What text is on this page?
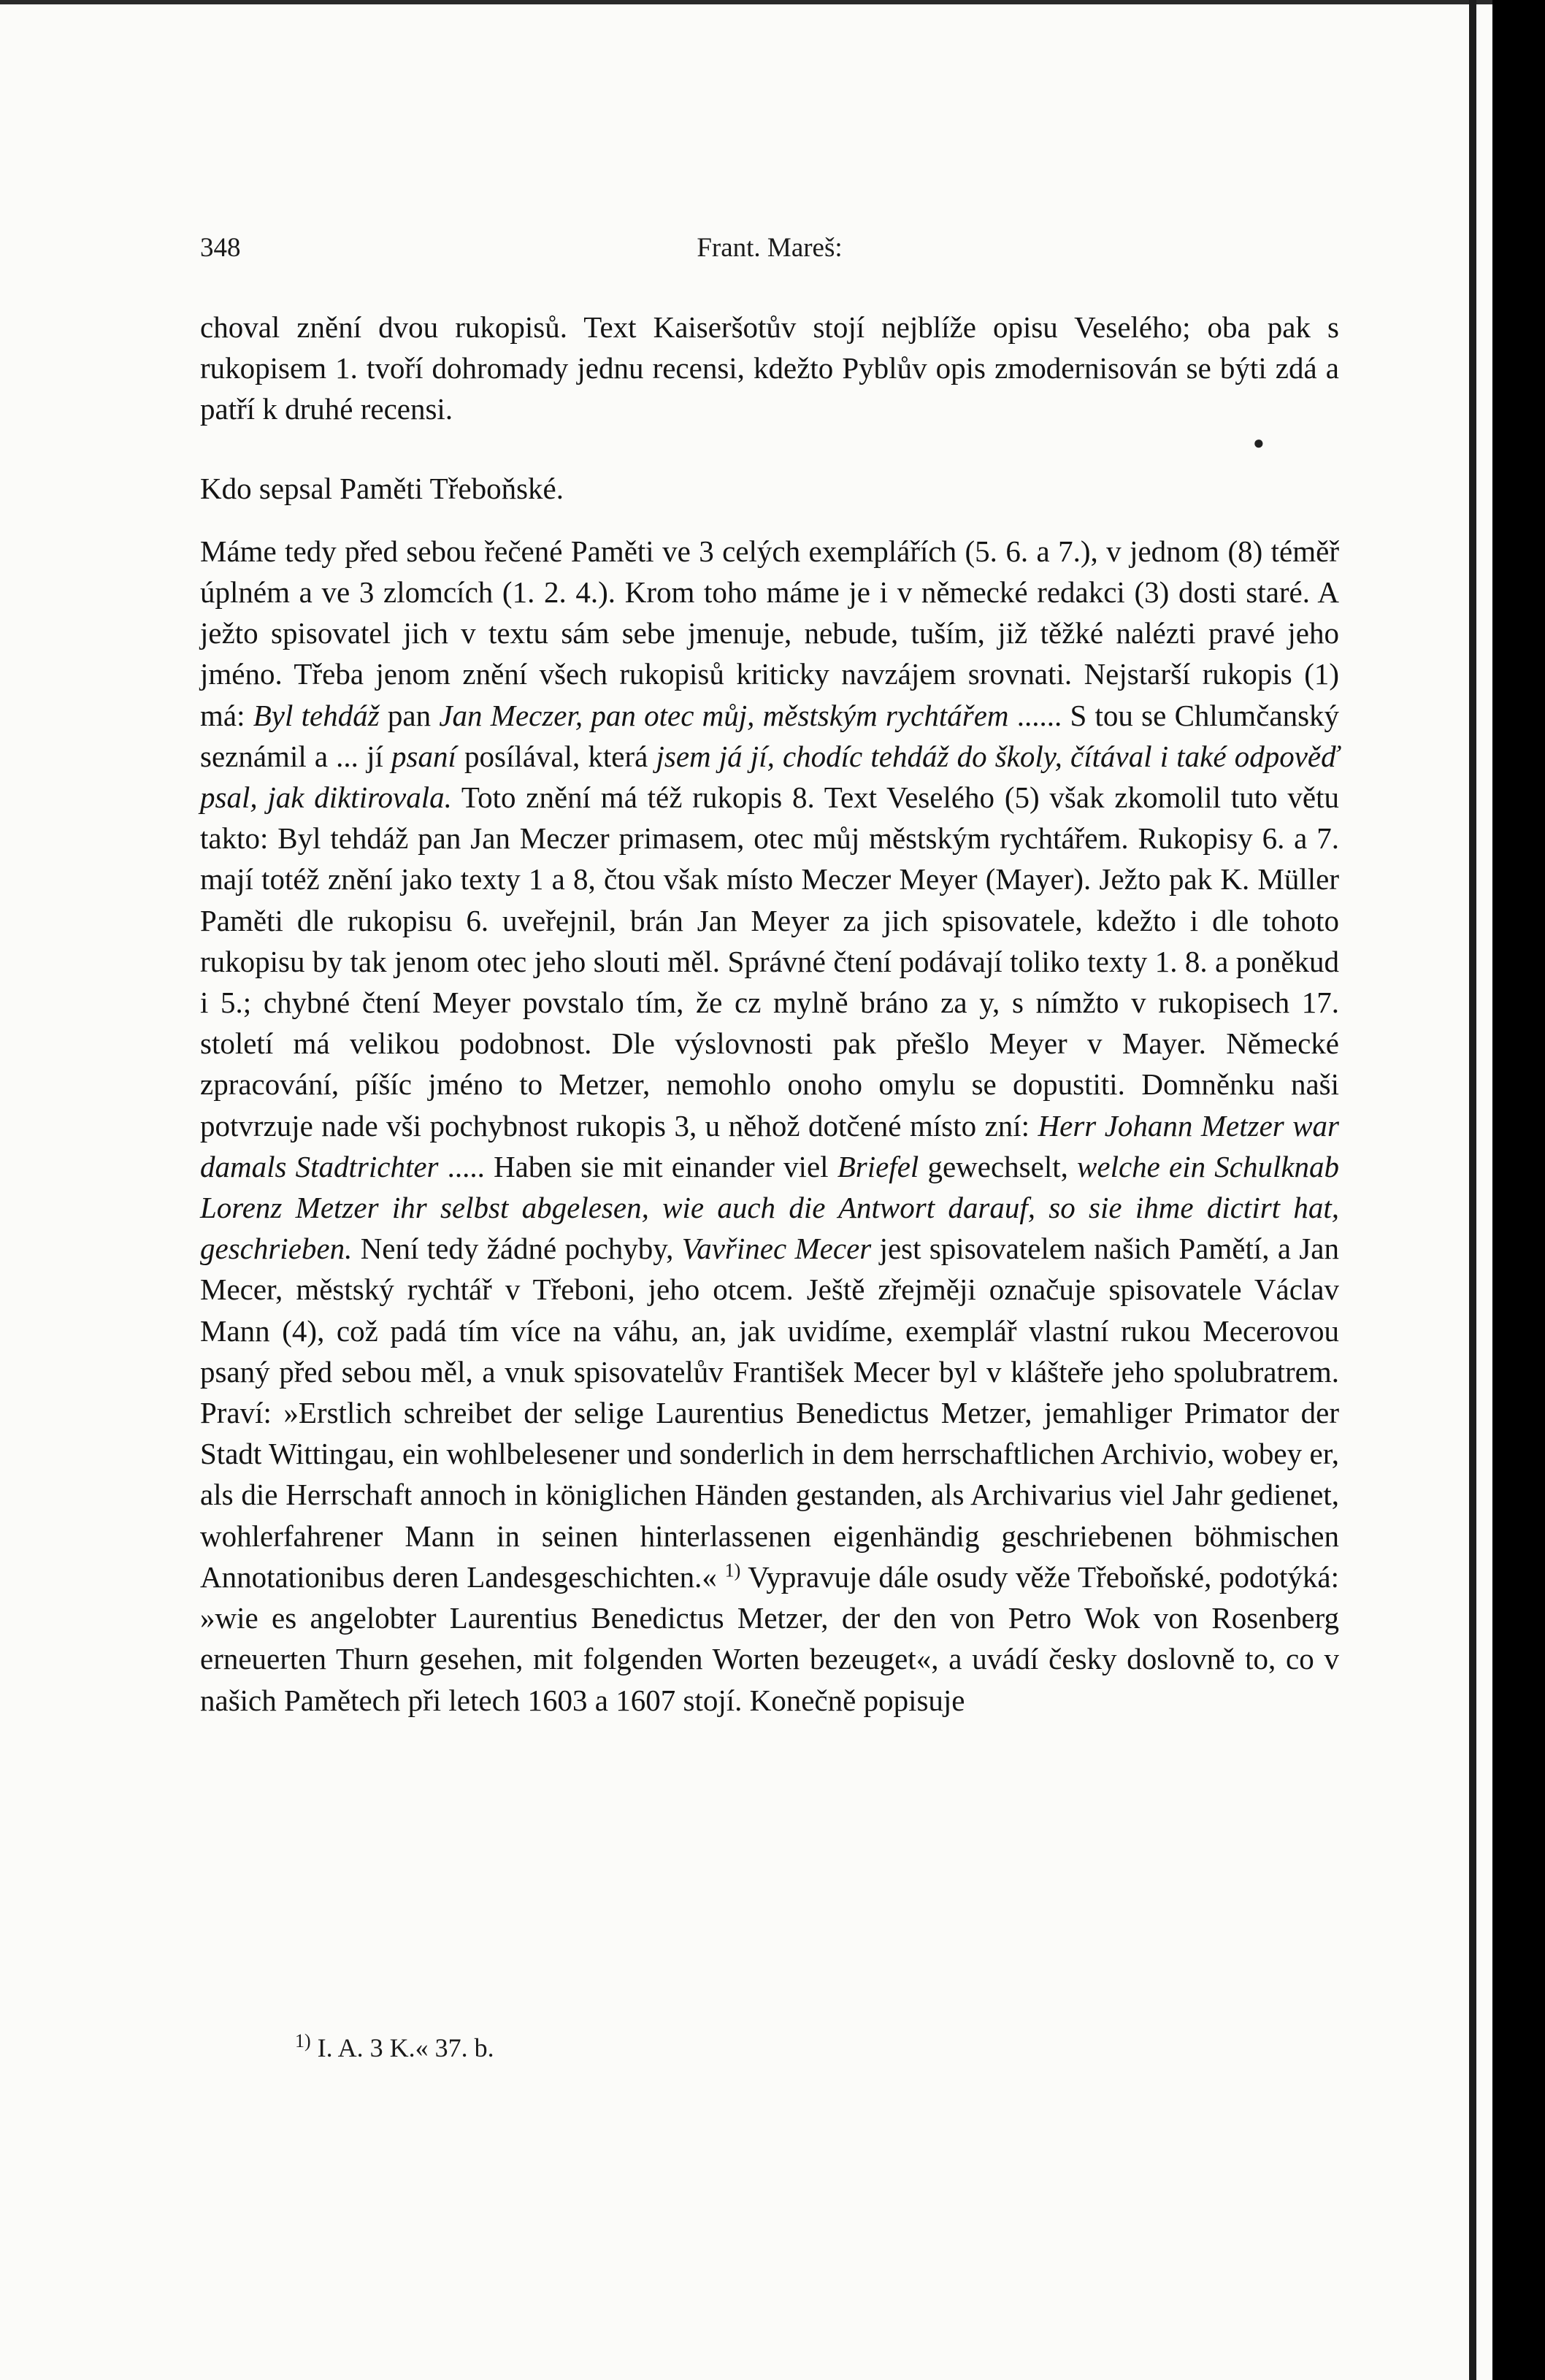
348	Frant. Mareš:

choval znění dvou rukopisů. Text Kaiseršotův stojí nejblíže opisu Veselého; oba pak s rukopisem 1. tvoří dohromady jednu recensi, kdežto Pyblův opis zmodernisován se býti zdá a patří k druhé recensi.

Kdo sepsal Paměti Třeboňské.

Máme tedy před sebou řečené Paměti ve 3 celých exemplářích (5. 6. a 7.), v jednom (8) téměř úplném a ve 3 zlomcích (1. 2. 4.). Krom toho máme je i v německé redakci (3) dosti staré. A ježto spisovatel jich v textu sám sebe jmenuje, nebude, tuším, již těžké nalézti pravé jeho jméno. Třeba jenom znění všech rukopisů kriticky navzájem srovnati. Nejstarší rukopis (1) má: Byl tehdáž pan Jan Meczer, pan otec můj, městským rychtářem ...... S tou se Chlumčanský seznámil a ... jí psaní posílával, která jsem já jí, chodíc tehdáž do školy, čítával i také odpověď psal, jak diktirovala. Toto znění má též rukopis 8. Text Veselého (5) však zkomolil tuto větu takto: Byl tehdáž pan Jan Meczer primasem, otec můj městským rychtářem. Rukopisy 6. a 7. mají totéž znění jako texty 1 a 8, čtou však místo Meczer Meyer (Mayer). Ježto pak K. Müller Paměti dle rukopisu 6. uveřejnil, brán Jan Meyer za jich spisovatele, kdežto i dle tohoto rukopisu by tak jenom otec jeho slouti měl. Správné čtení podávají toliko texty 1. 8. a poněkud i 5.; chybné čtení Meyer povstalo tím, že cz mylně bráno za y, s nímžto v rukopisech 17. století má velikou podobnost. Dle výslovnosti pak přešlo Meyer v Mayer. Německé zpracování, píšíc jméno to Metzer, nemohlo onoho omylu se dopustiti. Domněnku naši potvrzuje nade vši pochybnost rukopis 3, u něhož dotčené místo zní: Herr Johann Metzer war damals Stadtrichter ..... Haben sie mit einander viel Briefel gewechselt, welche ein Schulknab Lorenz Metzer ihr selbst abgelesen, wie auch die Antwort darauf, so sie ihme dictirt hat, geschrieben. Není tedy žádné pochyby, Vavřinec Mecer jest spisovatelem našich Pamětí, a Jan Mecer, městský rychtář v Třeboni, jeho otcem. Ještě zřejměji označuje spisovatele Václav Mann (4), což padá tím více na váhu, an, jak uvidíme, exemplář vlastní rukou Mecerovou psaný před sebou měl, a vnuk spisovatelův František Mecer byl v klášteře jeho spolubratrem. Praví: »Erstlich schreibet der selige Laurentius Benedictus Metzer, jemahliger Primator der Stadt Wittingau, ein wohlbelesener und sonderlich in dem herrschaftlichen Archivio, wobey er, als die Herrschaft annoch in königlichen Händen gestanden, als Archivarius viel Jahr gedienet, wohlerfahrener Mann in seinen hinterlassenen eigenhändig geschriebenen böhmischen Annotationibus deren Landesgeschichten.« $^{1)}$ Vypravuje dále osudy věže Třeboňské, podotýká: »wie es angelobter Laurentius Benedictus Metzer, der den von Petro Wok von Rosenberg erneuerten Thurn gesehen, mit folgenden Worten bezeuget«, a uvádí česky doslovně to, co v našich Pamětech při letech 1603 a 1607 stojí. Konečně popisuje

●
$^{1)}$ I. A. 3 K.« 37. b.
